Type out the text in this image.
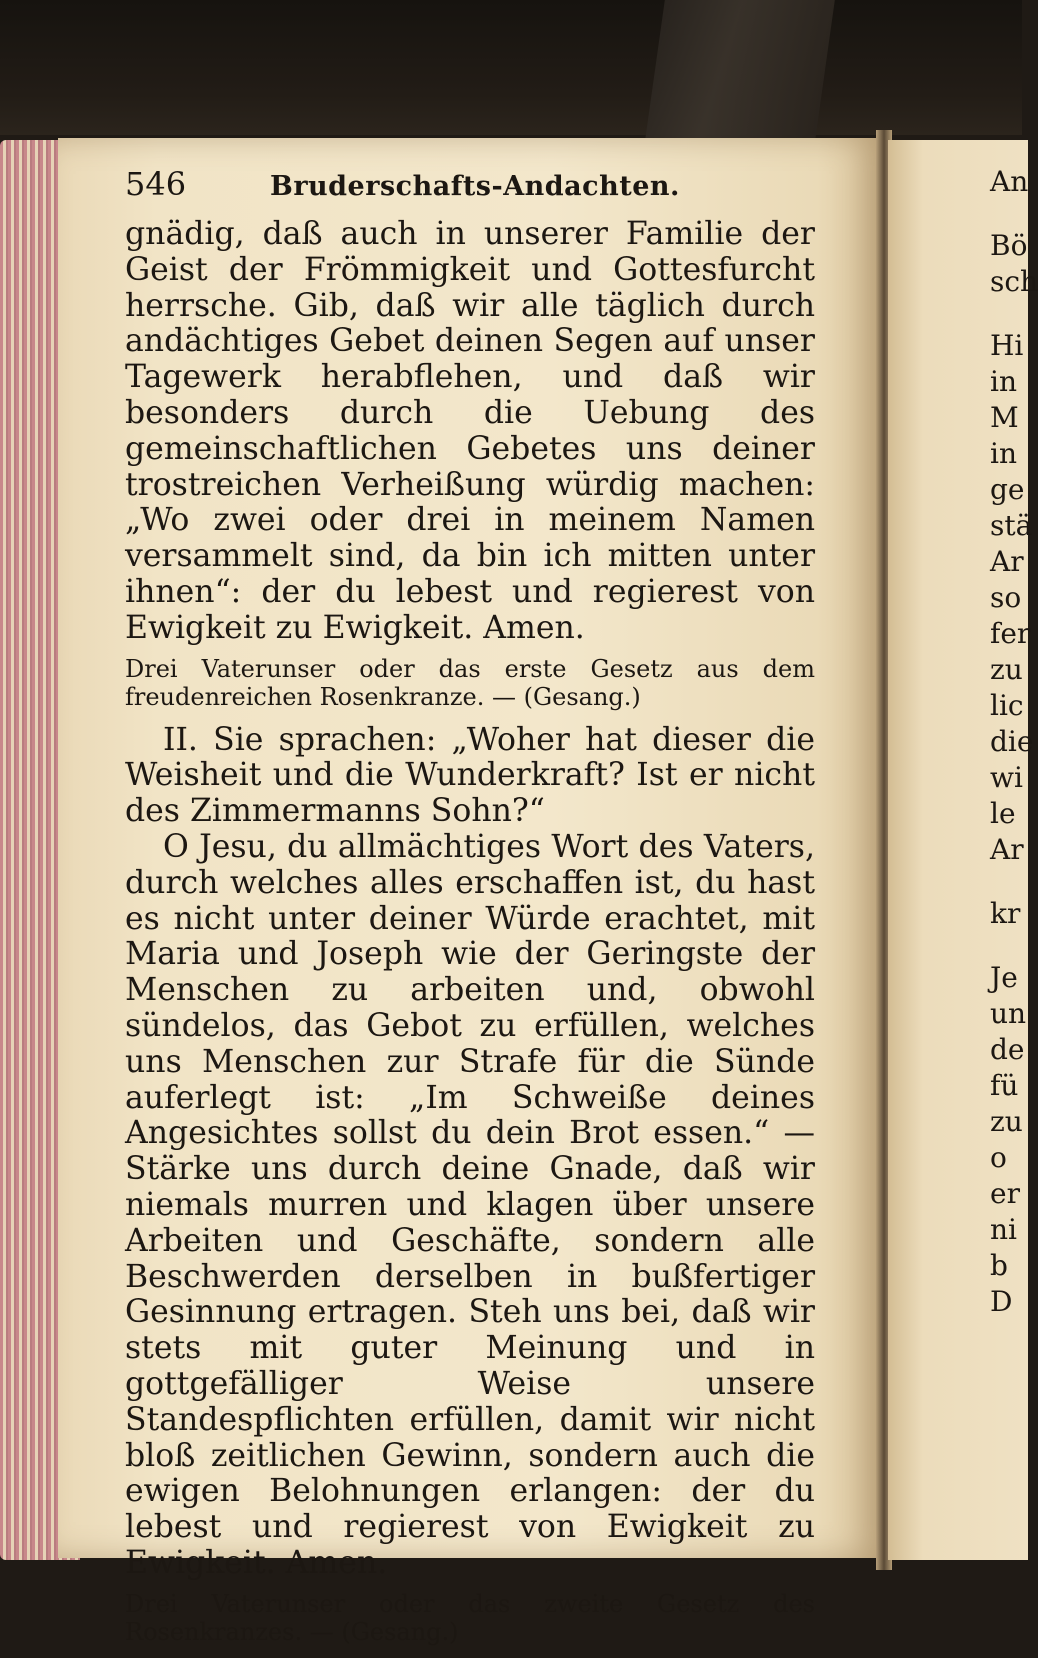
546	Bruderschafts-Andachten.

gnädig, daß auch in unserer Familie der Geist der Frömmigkeit und Gottesfurcht herrsche. Gib, daß wir alle täglich durch andächtiges Gebet deinen Segen auf unser Tagewerk herabflehen, und daß wir besonders durch die Uebung des gemeinschaftlichen Gebetes uns deiner trostreichen Verheißung würdig machen: „Wo zwei oder drei in meinem Namen versammelt sind, da bin ich mitten unter ihnen“: der du lebest und regierest von Ewigkeit zu Ewigkeit. Amen.

Drei Vaterunser oder das erste Gesetz aus dem freudenreichen Rosenkranze. — (Gesang.)

II. Sie sprachen: „Woher hat dieser die Weisheit und die Wunderkraft? Ist er nicht des Zimmermanns Sohn?“

O Jesu, du allmächtiges Wort des Vaters, durch welches alles erschaffen ist, du hast es nicht unter deiner Würde erachtet, mit Maria und Joseph wie der Geringste der Menschen zu arbeiten und, obwohl sündelos, das Gebot zu erfüllen, welches uns Menschen zur Strafe für die Sünde auferlegt ist: „Im Schweiße deines Angesichtes sollst du dein Brot essen.“ — Stärke uns durch deine Gnade, daß wir niemals murren und klagen über unsere Arbeiten und Geschäfte, sondern alle Beschwerden derselben in bußfertiger Gesinnung ertragen. Steh uns bei, daß wir stets mit guter Meinung und in gottgefälliger Weise unsere Standespflichten erfüllen, damit wir nicht bloß zeitlichen Gewinn, sondern auch die ewigen Belohnungen erlangen: der du lebest und regierest von Ewigkeit zu Ewigkeit. Amen.

Drei Vaterunser oder das zweite Gesetz des Rosenkranzes. — (Gesang.)

An
Bö
sch
Hi
in
M
in
ge
stä
Ar
so
fer
zu
lic
die
wi
le
Ar
kr
Je
un
de
fü
zu
o
er
ni
b
D
